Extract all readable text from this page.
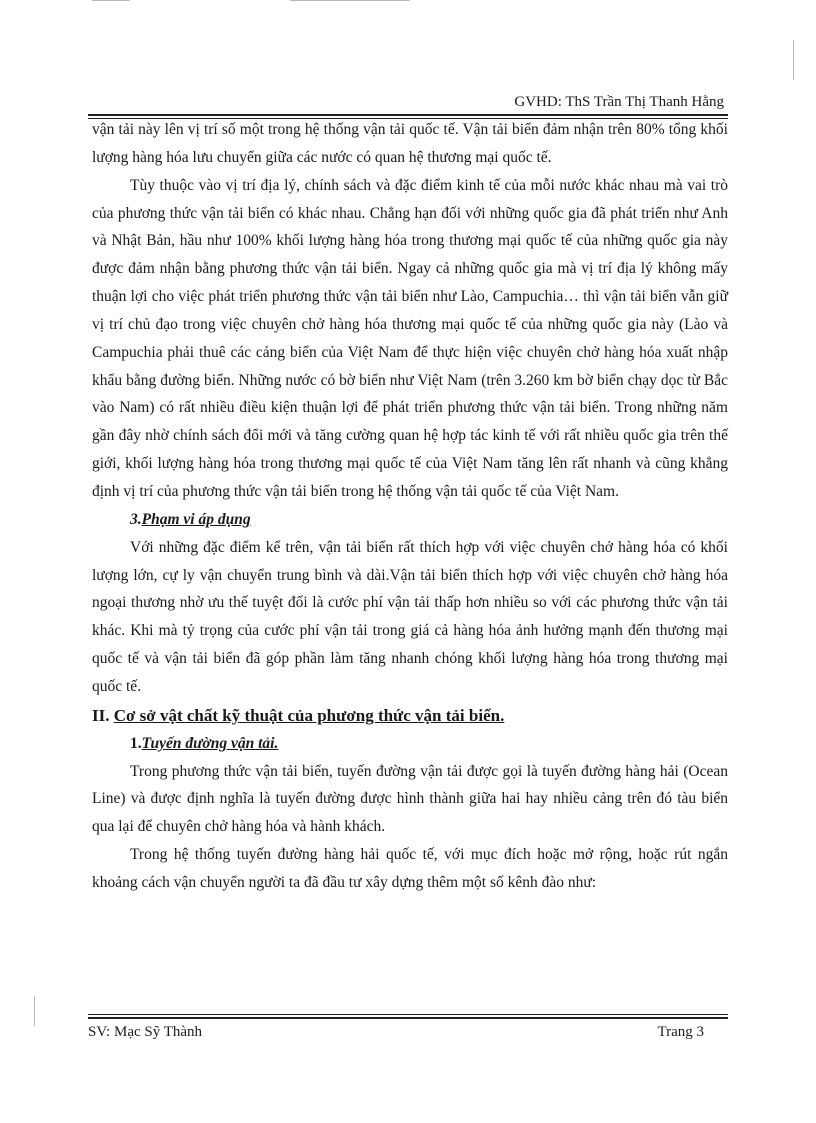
GVHD: ThS Trần Thị Thanh Hằng

vận tải này lên vị trí số một trong hệ thống vận tải quốc tế. Vận tải biển đảm nhận trên 80% tổng khối lượng hàng hóa lưu chuyển giữa các nước có quan hệ thương mại quốc tế.

Tùy thuộc vào vị trí địa lý, chính sách và đặc điểm kinh tế của mỗi nước khác nhau mà vai trò của phương thức vận tải biển có khác nhau. Chẳng hạn đối với những quốc gia đã phát triển như Anh và Nhật Bản, hầu như 100% khối lượng hàng hóa trong thương mại quốc tế của những quốc gia này được đảm nhận bằng phương thức vận tải biển. Ngay cả những quốc gia mà vị trí địa lý không mấy thuận lợi cho việc phát triển phương thức vận tải biển như Lào, Campuchia… thì vận tải biển vẫn giữ vị trí chủ đạo trong việc chuyên chở hàng hóa thương mại quốc tế của những quốc gia này (Lào và Campuchia phải thuê các cảng biển của Việt Nam để thực hiện việc chuyên chở hàng hóa xuất nhập khẩu bằng đường biển. Những nước có bờ biển như Việt Nam (trên 3.260 km bờ biển chạy dọc từ Bắc vào Nam) có rất nhiều điều kiện thuận lợi để phát triển phương thức vận tải biển. Trong những năm gần đây nhờ chính sách đổi mới và tăng cường quan hệ hợp tác kinh tế với rất nhiều quốc gia trên thế giới, khối lượng hàng hóa trong thương mại quốc tế của Việt Nam tăng lên rất nhanh và cũng khẳng định vị trí của phương thức vận tải biển trong hệ thống vận tải quốc tế của Việt Nam.

3.Phạm vi áp dụng

Với những đặc điểm kể trên, vận tải biển rất thích hợp với việc chuyên chở hàng hóa có khối lượng lớn, cự ly vận chuyển trung bình và dài.Vận tải biển thích hợp với việc chuyên chở hàng hóa ngoại thương nhờ ưu thế tuyệt đối là cước phí vận tải thấp hơn nhiều so với các phương thức vận tải khác. Khi mà tỷ trọng của cước phí vận tải trong giá cả hàng hóa ảnh hưởng mạnh đến thương mại quốc tế và vận tải biển đã góp phần làm tăng nhanh chóng khối lượng hàng hóa trong thương mại quốc tế.

II. Cơ sở vật chất kỹ thuật của phương thức vận tải biển.

1.Tuyến đường vận tải.

Trong phương thức vận tải biển, tuyến đường vận tải được gọi là tuyến đường hàng hải (Ocean Line) và được định nghĩa là tuyến đường được hình thành giữa hai hay nhiều cảng trên đó tàu biển qua lại để chuyên chở hàng hóa và hành khách.

Trong hệ thống tuyến đường hàng hải quốc tế, với mục đích hoặc mở rộng, hoặc rút ngắn khoảng cách vận chuyển người ta đã đầu tư xây dựng thêm một số kênh đào như:

SV: Mạc Sỹ Thành	Trang 3
